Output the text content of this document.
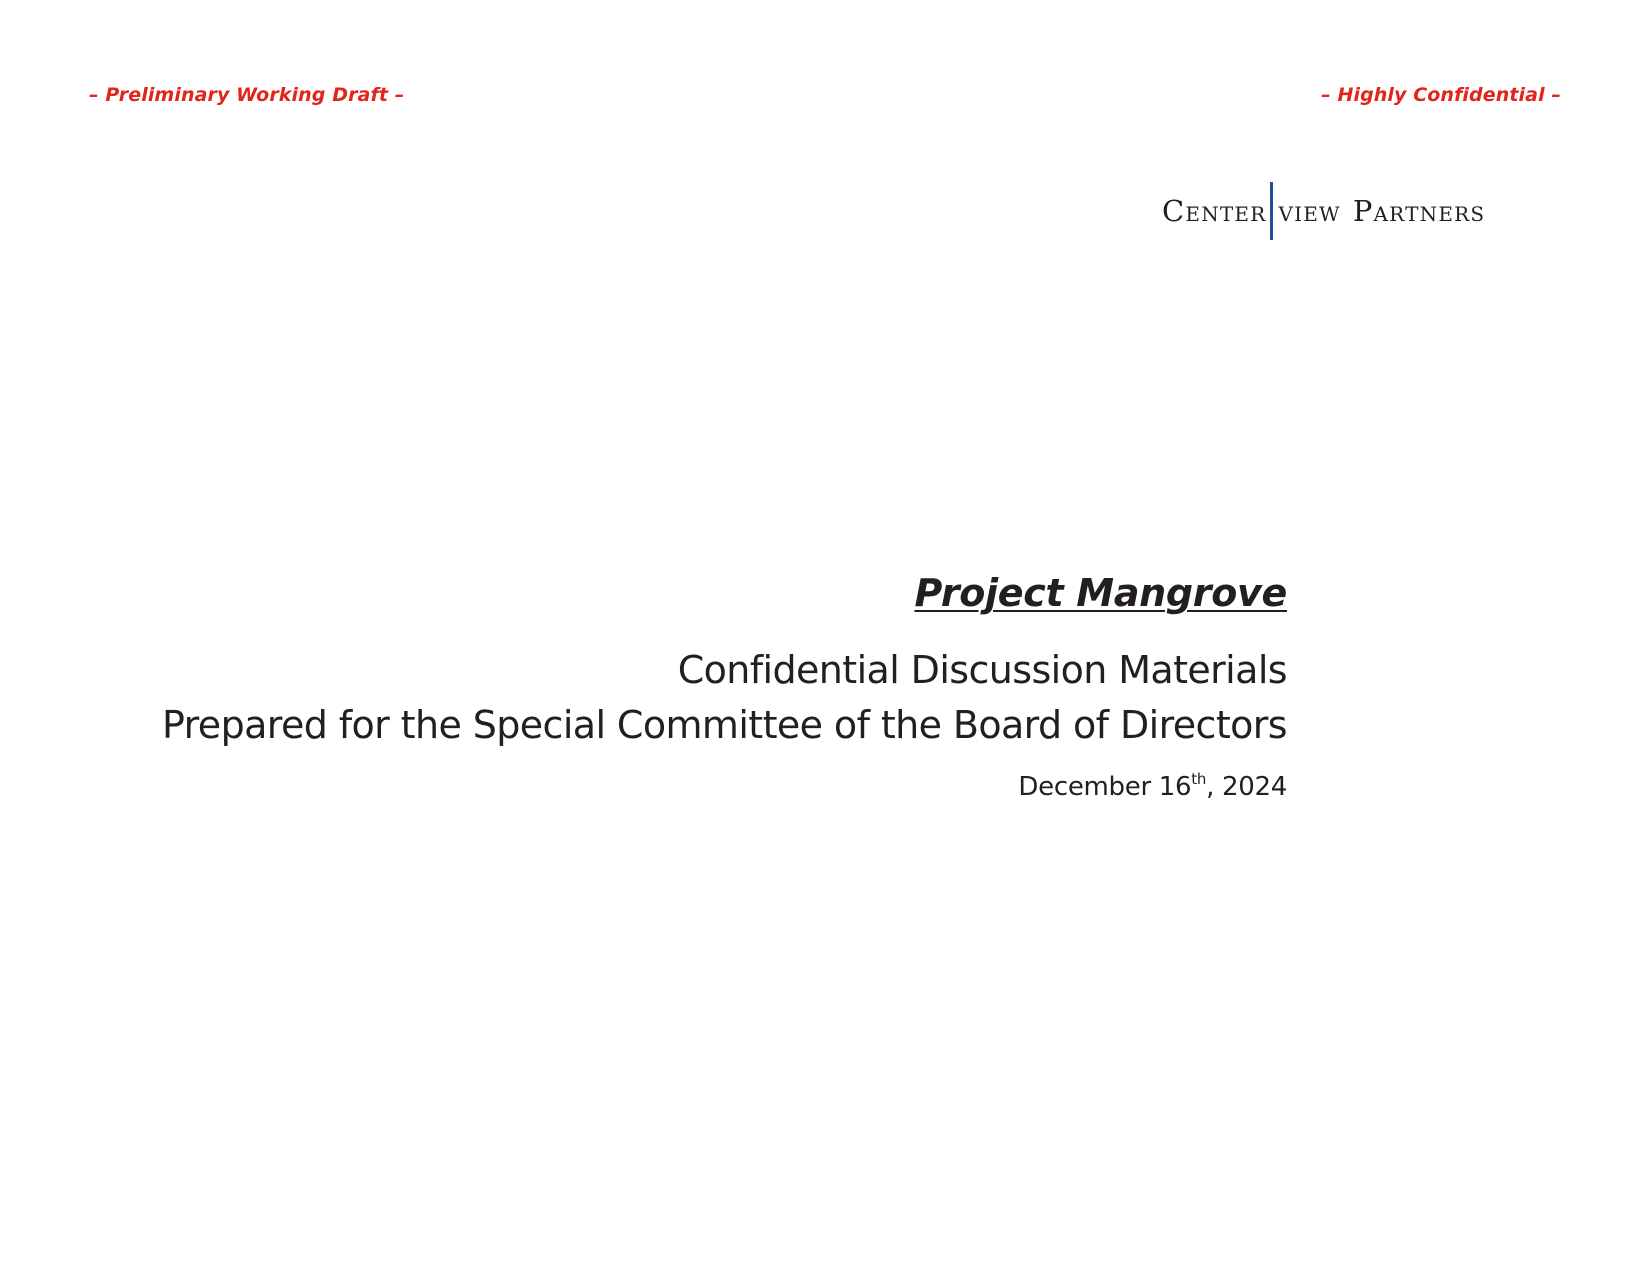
– Preliminary Working Draft –	– Highly Confidential –
Center view Partners
Project Mangrove
Confidential Discussion Materials
Prepared for the Special Committee of the Board of Directors
December 16th, 2024
